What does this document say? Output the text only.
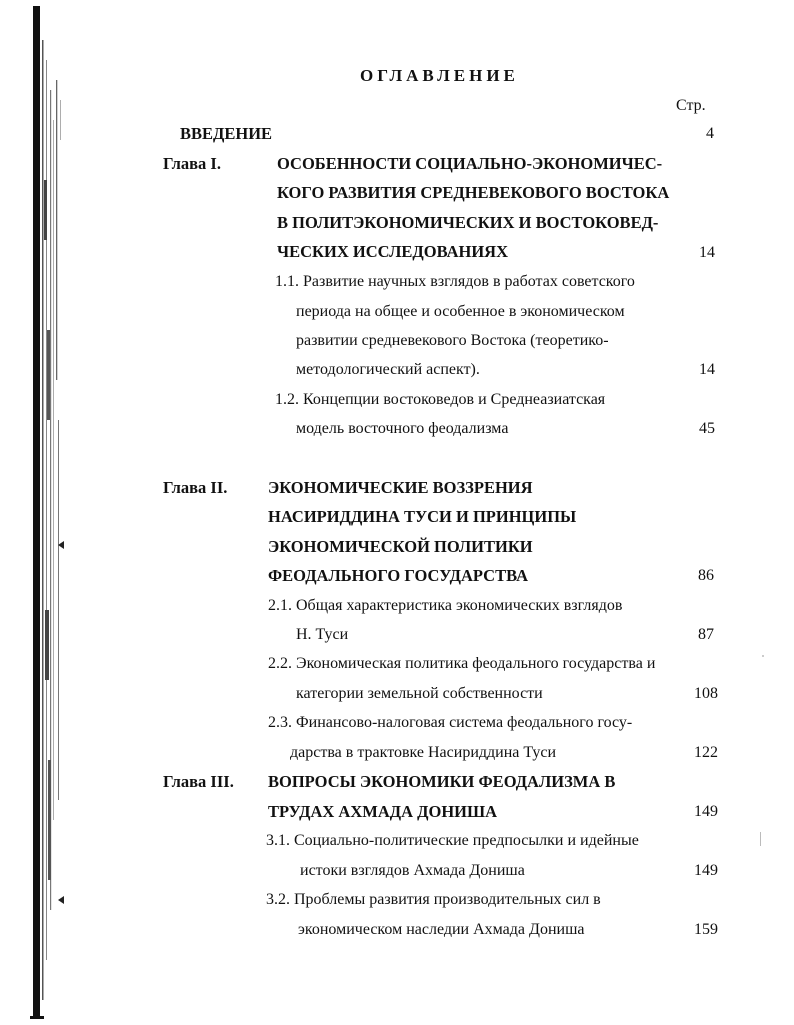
ОГЛАВЛЕНИЕ
Стр.
ВВЕДЕНИЕ	4
Глава I.	ОСОБЕННОСТИ СОЦИАЛЬНО-ЭКОНОМИЧЕС-
КОГО РАЗВИТИЯ СРЕДНЕВЕКОВОГО ВОСТОКА
В ПОЛИТЭКОНОМИЧЕСКИХ И ВОСТОКОВЕД-
ЧЕСКИХ ИССЛЕДОВАНИЯХ	14
1.1. Развитие научных взглядов в работах советского
периода на общее и особенное в экономическом
развитии средневекового Востока (теоретико-
методологический аспект).	14
1.2. Концепции востоковедов и Среднеазиатская
модель восточного феодализма	45
Глава II. ЭКОНОМИЧЕСКИЕ ВОЗЗРЕНИЯ
НАСИРИДДИНА ТУСИ И ПРИНЦИПЫ
ЭКОНОМИЧЕСКОЙ ПОЛИТИКИ
ФЕОДАЛЬНОГО ГОСУДАРСТВА	86
2.1. Общая характеристика экономических взглядов
Н. Туси	87
2.2. Экономическая политика феодального государства и
категории земельной собственности	108
2.3. Финансово-налоговая система феодального госу-
дарства в трактовке Насириддина Туси	122
Глава III. ВОПРОСЫ ЭКОНОМИКИ ФЕОДАЛИЗМА В
ТРУДАХ АХМАДА ДОНИША	149
3.1. Социально-политические предпосылки и идейные
истоки взглядов Ахмада Дониша	149
3.2. Проблемы развития производительных сил в
экономическом наследии Ахмада Дониша	159
